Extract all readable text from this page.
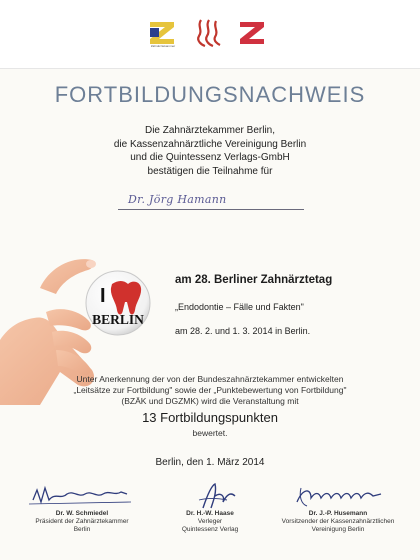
Zahnärztekammer
FORTBILDUNGSNACHWEIS
Die Zahnärztekammer Berlin,
die Kassenzahnärztliche Vereinigung Berlin
und die Quintessenz Verlags-GmbH
bestätigen die Teilnahme für
Dr. Jörg Hamann
I
BERLIN
am 28. Berliner Zahnärztetag
„Endodontie – Fälle und Fakten"
am 28. 2. und 1. 3. 2014 in Berlin.
Unter Anerkennung der von der Bundeszahnärztekammer entwickelten
„Leitsätze zur Fortbildung" sowie der „Punktebewertung von Fortbildung"
(BZÄK und DGZMK) wird die Veranstaltung mit
13 Fortbildungspunkten
bewertet.
Berlin, den 1. März 2014
Dr. W. Schmiedel
Präsident der Zahnärztekammer
Berlin
Dr. H.-W. Haase
Verleger
Quintessenz Verlag
Dr. J.-P. Husemann
Vorsitzender der Kassenzahnärztlichen
Vereinigung Berlin
